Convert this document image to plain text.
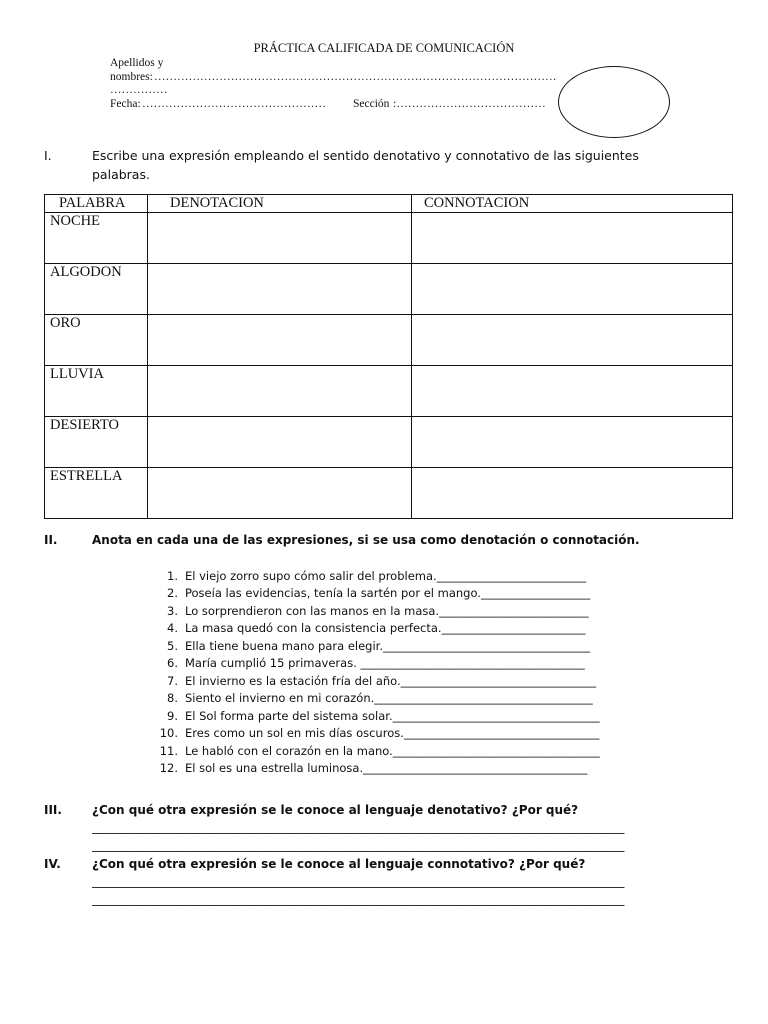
PRÁCTICA CALIFICADA DE COMUNICACIÓN
Apellidos y
nombres: ……………………………………………………………………………………………
……………
Fecha: ………………………………………… Sección :…………………………………
I.	Escribe una expresión empleando el sentido denotativo y connotativo de las siguientes
palabras.
PALABRA	DENOTACION	CONNOTACION
NOCHE		
ALGODON		
ORO		
LLUVIA		
DESIERTO		
ESTRELLA		
II.	Anota en cada una de las expresiones, si se usa como denotación o connotación.
1. El viejo zorro supo cómo salir del problema.__________________________
2. Poseía las evidencias, tenía la sartén por el mango.___________________
3. Lo sorprendieron con las manos en la masa.__________________________
4. La masa quedó con la consistencia perfecta._________________________
5. Ella tiene buena mano para elegir.____________________________________
6. María cumplió 15 primaveras. _______________________________________
7. El invierno es la estación fría del año.__________________________________
8. Siento el invierno en mi corazón.______________________________________
9. El Sol forma parte del sistema solar.____________________________________
10. Eres como un sol en mis días oscuros.__________________________________
11. Le habló con el corazón en la mano.____________________________________
12. El sol es una estrella luminosa._______________________________________
III.	¿Con qué otra expresión se le conoce al lenguaje denotativo? ¿Por qué?
_______________________________________________________________________________________________
_______________________________________________________________________________________________
IV.	¿Con qué otra expresión se le conoce al lenguaje connotativo? ¿Por qué?
_______________________________________________________________________________________________
_______________________________________________________________________________________________
